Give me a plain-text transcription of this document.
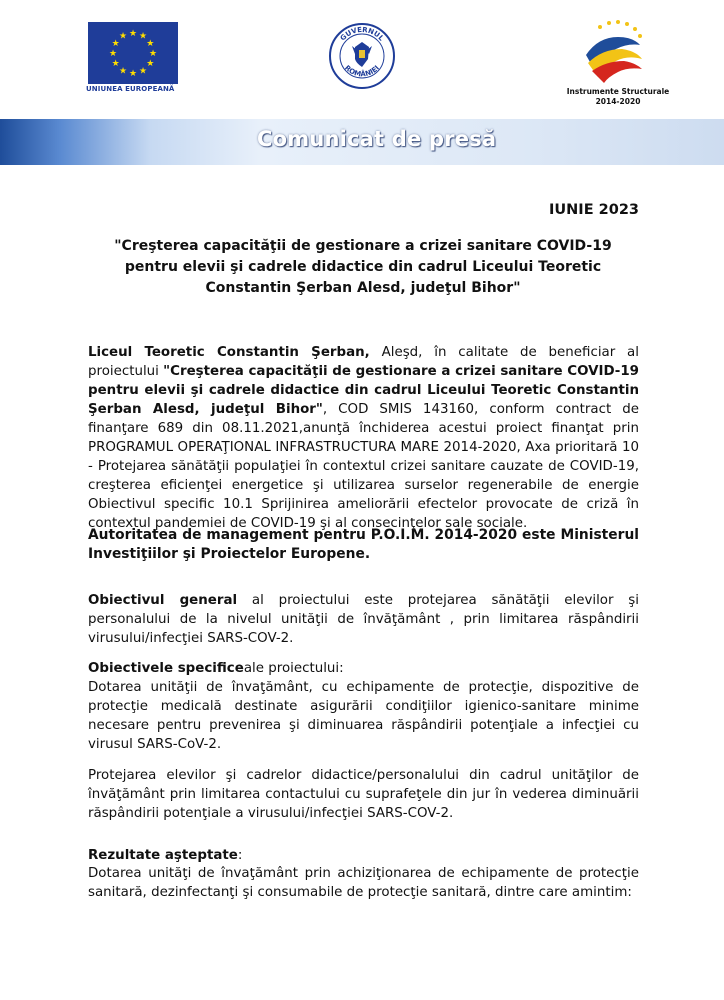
★ ★
★
★
★
★
★
★
★
★
★
★
UNIUNEA EUROPEANĂ
GUVERNUL
ROMÂNIEI
Instrumente Structurale
2014-2020
Comunicat de presă
IUNIE 2023
"Creşterea capacităţii de gestionare a crizei sanitare COVID-19 pentru elevii şi cadrele didactice din cadrul Liceului Teoretic Constantin Şerban Alesd, judeţul Bihor"

Liceul Teoretic Constantin Şerban, Aleşd, în calitate de beneficiar al proiectului "Creşterea capacităţii de gestionare a crizei sanitare COVID-19 pentru elevii şi cadrele didactice din cadrul Liceului Teoretic Constantin Şerban Alesd, judeţul Bihor", COD SMIS 143160, conform contract de finanţare 689 din 08.11.2021,anunţă închiderea acestui proiect finanţat prin PROGRAMUL OPERAŢIONAL INFRASTRUCTURA MARE 2014-2020, Axa prioritară 10 - Protejarea sănătăţii populaţiei în contextul crizei sanitare cauzate de COVID-19, creşterea eficienţei energetice şi utilizarea surselor regenerabile de energie Obiectivul specific 10.1 Sprijinirea ameliorării efectelor provocate de criză în contextul pandemiei de COVID-19 şi al consecinţelor sale sociale.

Autoritatea de management pentru P.O.I.M. 2014-2020 este Ministerul Investiţiilor şi Proiectelor Europene.

Obiectivul general al proiectului este protejarea sănătăţii elevilor şi personalului de la nivelul unităţii de învăţământ , prin limitarea răspândirii virusului/infecţiei SARS-COV-2.

Obiectivele specificeale proiectului:

Dotarea unităţii de învaţământ, cu echipamente de protecţie, dispozitive de protecţie medicală destinate asigurării condiţiilor igienico-sanitare minime necesare pentru prevenirea şi diminuarea răspândirii potenţiale a infecţiei cu virusul SARS-CoV-2.

Protejarea elevilor şi cadrelor didactice/personalului din cadrul unităţilor de învăţământ prin limitarea contactului cu suprafeţele din jur în vederea diminuării răspândirii potenţiale a virusului/infecţiei SARS-COV-2.

Rezultate aşteptate:

Dotarea unităţi de învaţământ prin achiziţionarea de echipamente de protecţie sanitară, dezinfectanţi şi consumabile de protecţie sanitară, dintre care amintim:
